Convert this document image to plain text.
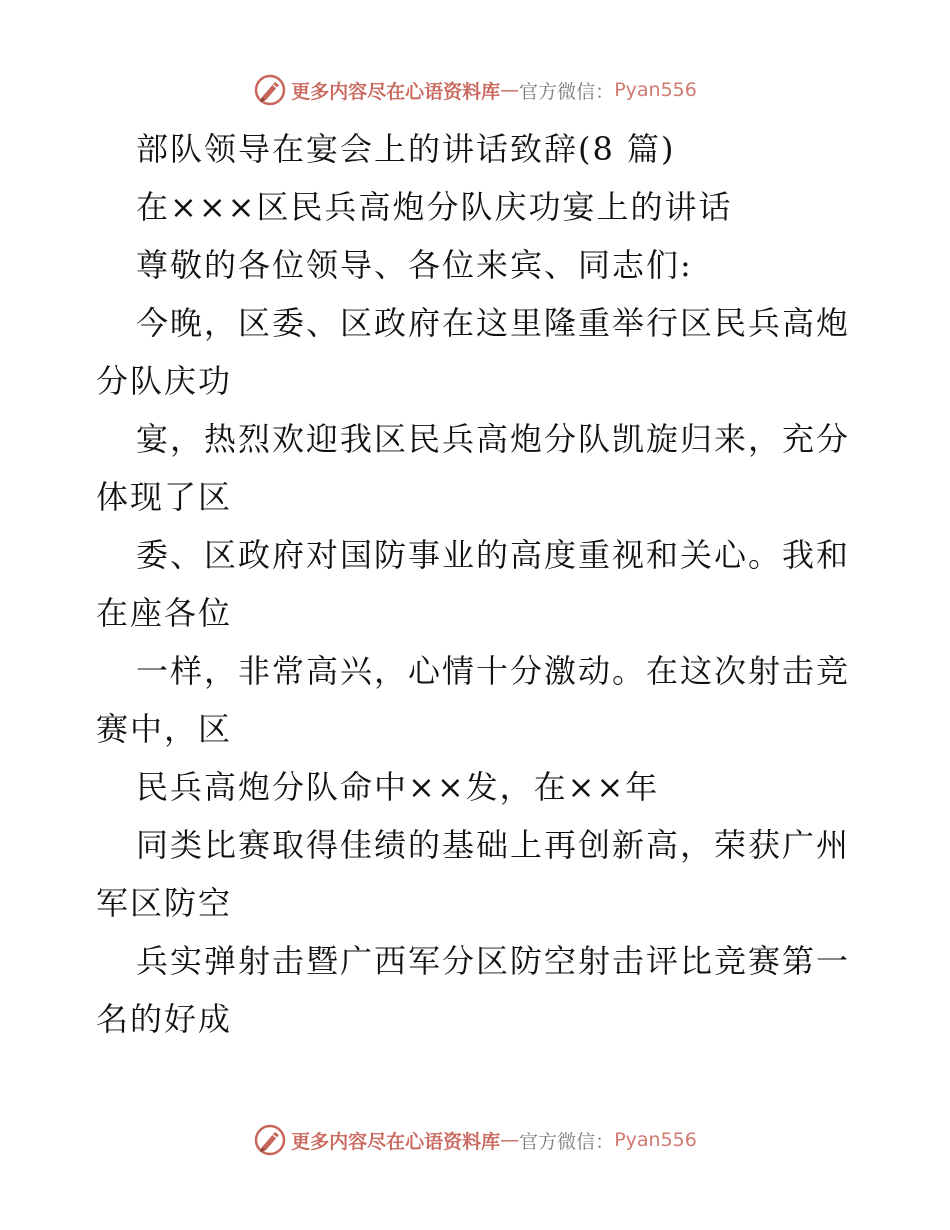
更多内容尽在心语资料库 — 官方微信： Pyan556
部队领导在宴会上的讲话致辞(8 篇)
在×××区民兵高炮分队庆功宴上的讲话
尊敬的各位领导、各位来宾、同志们:
今晚，区委、区政府在这里隆重举行区民兵高炮
分队庆功
宴，热烈欢迎我区民兵高炮分队凯旋归来，充分
体现了区
委、区政府对国防事业的高度重视和关心。我和
在座各位
一样，非常高兴，心情十分激动。在这次射击竞
赛中，区
民兵高炮分队命中××发，在××年
同类比赛取得佳绩的基础上再创新高，荣获广州
军区防空
兵实弹射击暨广西军分区防空射击评比竞赛第一
名的好成
更多内容尽在心语资料库 — 官方微信： Pyan556
